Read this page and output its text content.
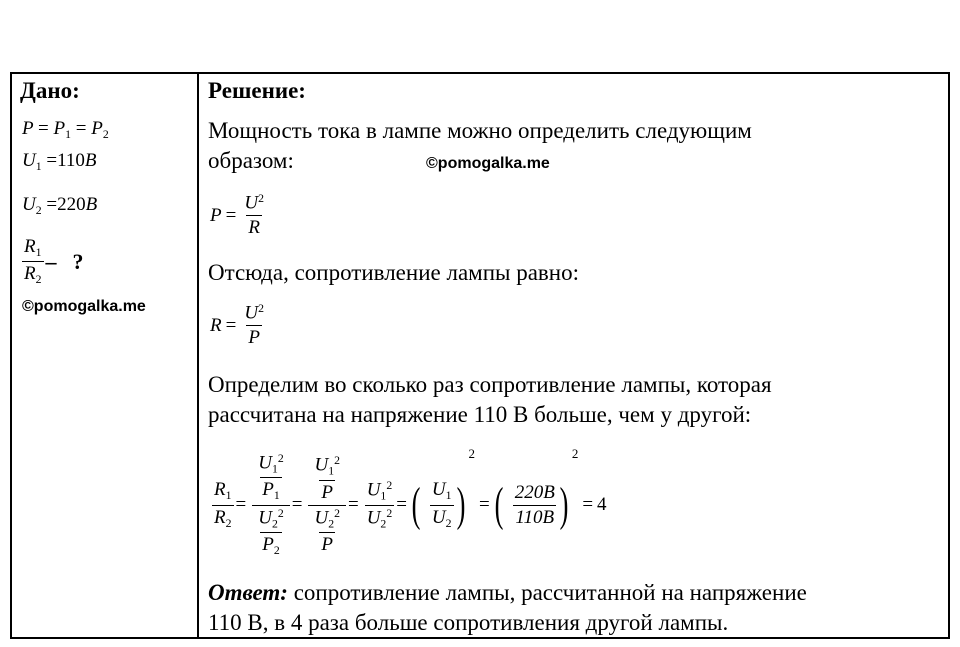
Дано:
$P = P_1 = P_2$
$U_1 =110B$
$U_2 =220B$
$\frac{R_1}{R_2}$ – ?
©pomogalka.me
Решение:
Мощность тока в лампе можно определить следующим
образом:	©pomogalka.me
$P = \frac{U^2}{R}$
Отсюда, сопротивление лампы равно:
$R = \frac{U^2}{P}$
Определим во сколько раз сопротивление лампы, которая
рассчитана на напряжение 110 В больше, чем у другой:
$\frac{R_1}{R_2} = \frac{\frac{U_1^2}{P_1}}{\frac{U_2^2}{P_2}} = \frac{\frac{U_1^2}{P}}{\frac{U_2^2}{P}} = \frac{U_1^2}{U_2^2}$ = ( $\frac{U_1}{U_2}$ )
2
= ( $\frac{220B}{110B}$ )
2
= 4
Ответ: сопротивление лампы, рассчитанной на напряжение
110 В, в 4 раза больше сопротивления другой лампы.
